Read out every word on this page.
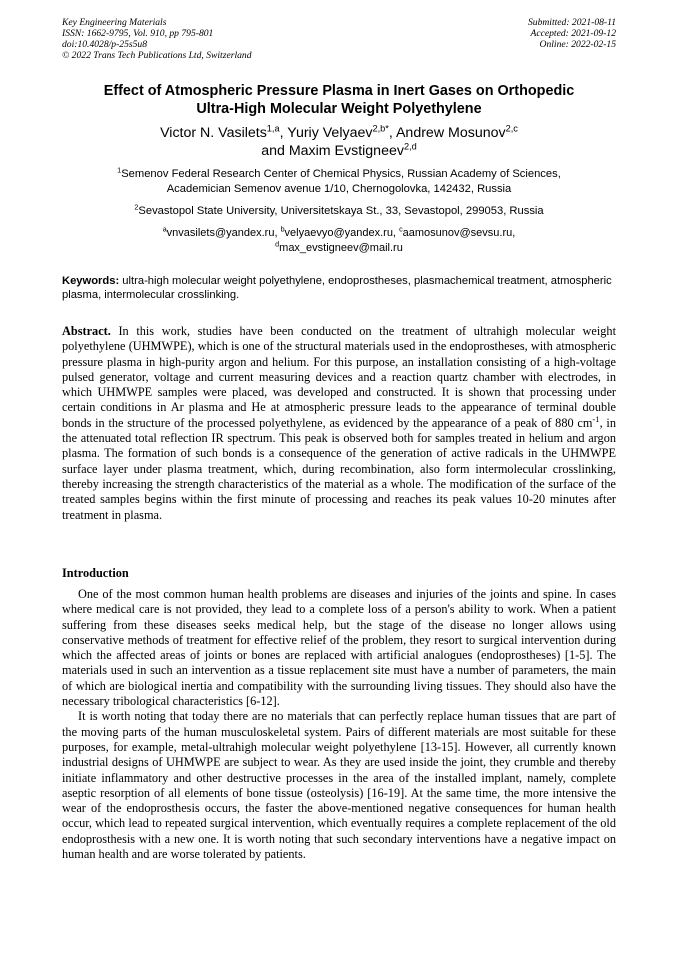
Key Engineering Materials
ISSN: 1662-9795, Vol. 910, pp 795-801
doi:10.4028/p-25s5u8
© 2022 Trans Tech Publications Ltd, Switzerland
Submitted: 2021-08-11
Accepted: 2021-09-12
Online: 2022-02-15
Effect of Atmospheric Pressure Plasma in Inert Gases on Orthopedic
Ultra-High Molecular Weight Polyethylene
Victor N. Vasilets$^{1,a}$, Yuriy Velyaev$^{2,b*}$, Andrew Mosunov$^{2,c}$
and Maxim Evstigneev$^{2,d}$
$^1$Semenov Federal Research Center of Chemical Physics, Russian Academy of Sciences,
Academician Semenov avenue 1/10, Chernogolovka, 142432, Russia
$^2$Sevastopol State University, Universitetskaya St., 33, Sevastopol, 299053, Russia
$^a$vnvasilets@yandex.ru, $^b$velyaevyo@yandex.ru, $^c$aamosunov@sevsu.ru,
$^d$max_evstigneev@mail.ru
Keywords: ultra-high molecular weight polyethylene, endoprostheses, plasmachemical treatment, atmospheric plasma, intermolecular crosslinking.
Abstract. In this work, studies have been conducted on the treatment of ultrahigh molecular weight polyethylene (UHMWPE), which is one of the structural materials used in the endoprostheses, with atmospheric pressure plasma in high-purity argon and helium. For this purpose, an installation consisting of a high-voltage pulsed generator, voltage and current measuring devices and a reaction quartz chamber with electrodes, in which UHMWPE samples were placed, was developed and constructed. It is shown that processing under certain conditions in Ar plasma and He at atmospheric pressure leads to the appearance of terminal double bonds in the structure of the processed polyethylene, as evidenced by the appearance of a peak of 880 $cm^{-1}$, in the attenuated total reflection IR spectrum. This peak is observed both for samples treated in helium and argon plasma. The formation of such bonds is a consequence of the generation of active radicals in the UHMWPE surface layer under plasma treatment, which, during recombination, also form intermolecular crosslinking, thereby increasing the strength characteristics of the material as a whole. The modification of the surface of the treated samples begins within the first minute of processing and reaches its peak values 10-20 minutes after treatment in plasma.
Introduction

One of the most common human health problems are diseases and injuries of the joints and spine. In cases where medical care is not provided, they lead to a complete loss of a person's ability to work. When a patient suffering from these diseases seeks medical help, but the stage of the disease no longer allows using conservative methods of treatment for effective relief of the problem, they resort to surgical intervention during which the affected areas of joints or bones are replaced with artificial analogues (endoprostheses) [1-5]. The materials used in such an intervention as a tissue replacement site must have a number of parameters, the main of which are biological inertia and compatibility with the surrounding living tissues. They should also have the necessary tribological characteristics [6-12].

It is worth noting that today there are no materials that can perfectly replace human tissues that are part of the moving parts of the human musculoskeletal system. Pairs of different materials are most suitable for these purposes, for example, metal-ultrahigh molecular weight polyethylene [13-15]. However, all currently known industrial designs of UHMWPE are subject to wear. As they are used inside the joint, they crumble and thereby initiate inflammatory and other destructive processes in the area of the installed implant, namely, complete aseptic resorption of all elements of bone tissue (osteolysis) [16-19]. At the same time, the more intensive the wear of the endoprosthesis occurs, the faster the above-mentioned negative consequences for human health occur, which lead to repeated surgical intervention, which eventually requires a complete replacement of the old endoprosthesis with a new one. It is worth noting that such secondary interventions have a negative impact on human health and are worse tolerated by patients.
